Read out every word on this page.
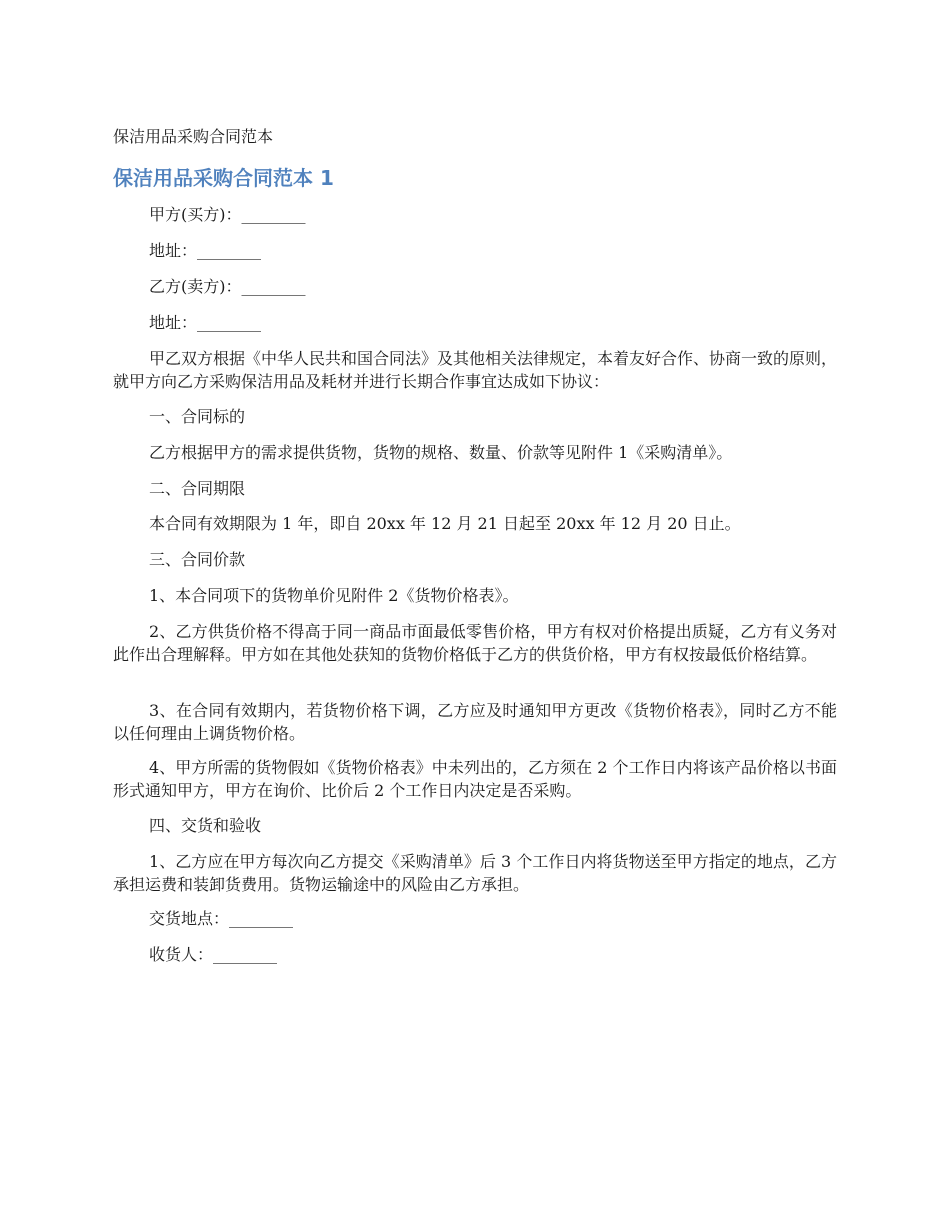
保洁用品采购合同范本
保洁用品采购合同范本 1
甲方(买方)：________
地址：________
乙方(卖方)：________
地址：________
甲乙双方根据《中华人民共和国合同法》及其他相关法律规定，本着友好合作、协商一致的原则，就甲方向乙方采购保洁用品及耗材并进行长期合作事宜达成如下协议：
一、合同标的
乙方根据甲方的需求提供货物，货物的规格、数量、价款等见附件 1《采购清单》。
二、合同期限
本合同有效期限为 1 年，即自 20xx 年 12 月 21 日起至 20xx 年 12 月 20 日止。
三、合同价款
1、本合同项下的货物单价见附件 2《货物价格表》。
2、乙方供货价格不得高于同一商品市面最低零售价格，甲方有权对价格提出质疑，乙方有义务对此作出合理解释。甲方如在其他处获知的货物价格低于乙方的供货价格，甲方有权按最低价格结算。
3、在合同有效期内，若货物价格下调，乙方应及时通知甲方更改《货物价格表》，同时乙方不能以任何理由上调货物价格。
4、甲方所需的货物假如《货物价格表》中未列出的，乙方须在 2 个工作日内将该产品价格以书面形式通知甲方，甲方在询价、比价后 2 个工作日内决定是否采购。
四、交货和验收
1、乙方应在甲方每次向乙方提交《采购清单》后 3 个工作日内将货物送至甲方指定的地点，乙方承担运费和装卸货费用。货物运输途中的风险由乙方承担。
交货地点：________
收货人：________
